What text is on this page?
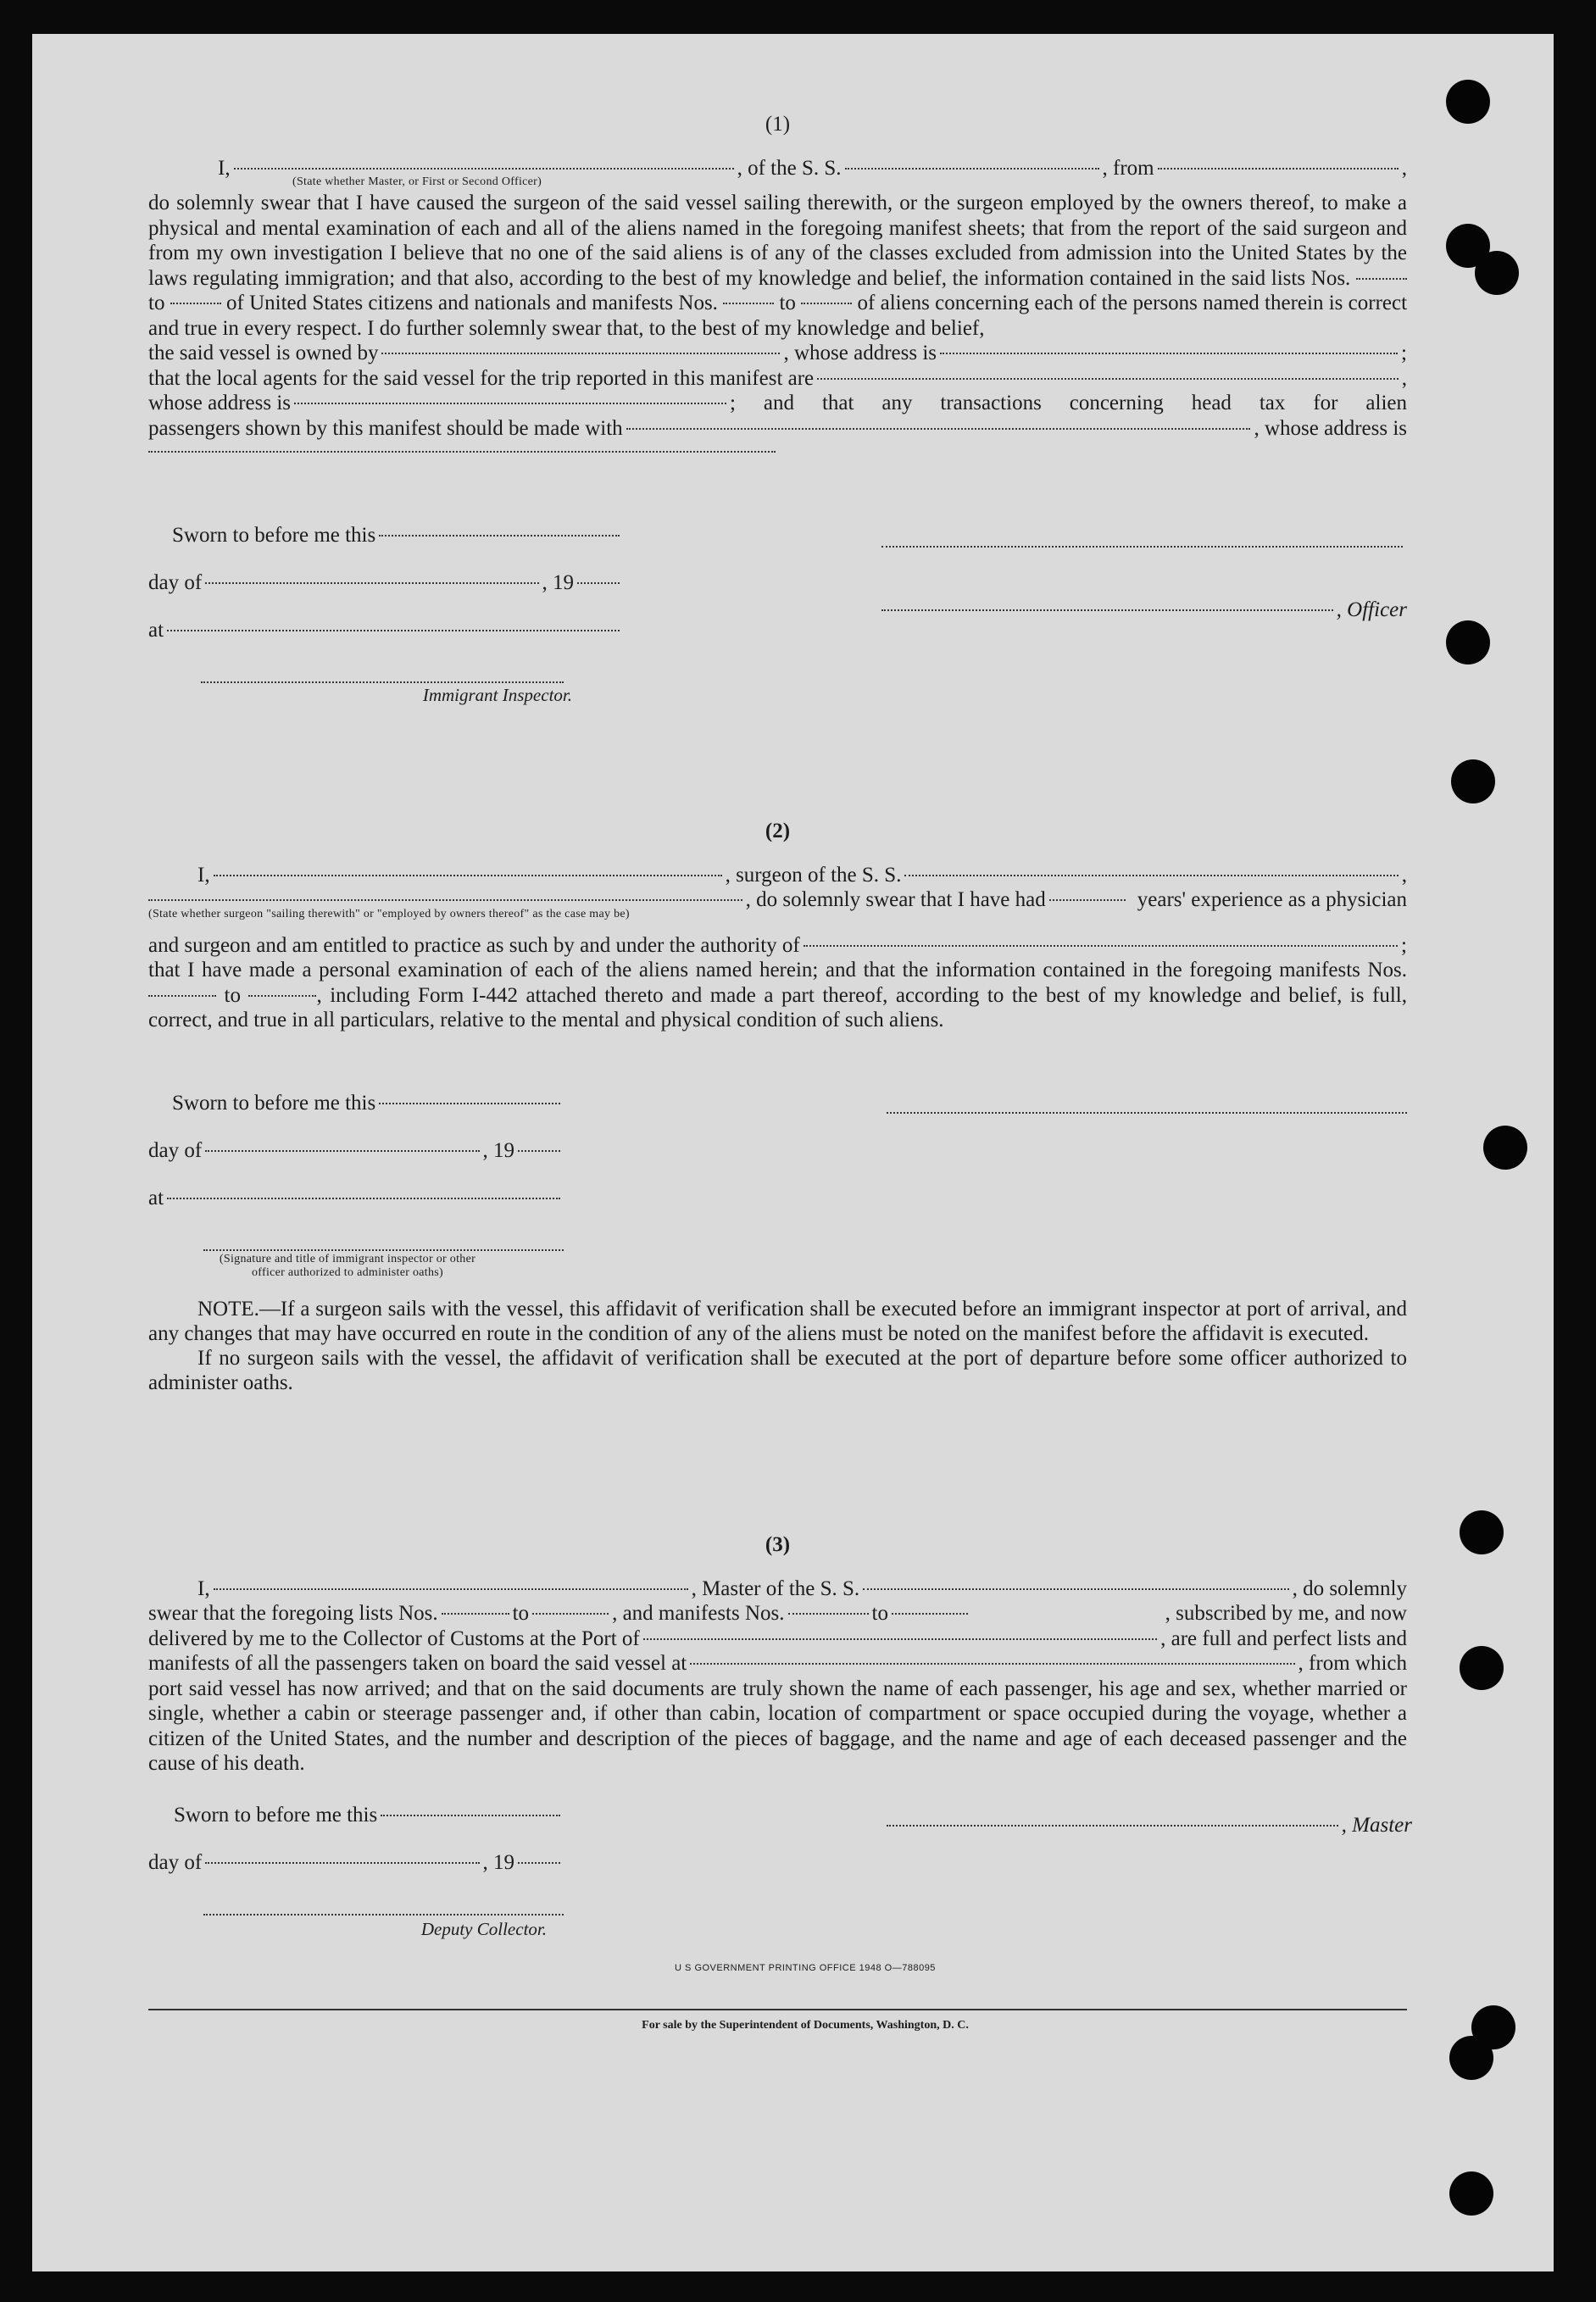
(1)
I,	, of the S. S.	, from	,
(State whether Master, or First or Second Officer)
do solemnly swear that I have caused the surgeon of the said vessel sailing therewith, or the surgeon employed by the owners thereof, to make a physical and mental examination of each and all of the aliens named in the foregoing manifest sheets; that from the report of the said surgeon and from my own investigation I believe that no one of the said aliens is of any of the classes excluded from admission into the United States by the laws regulating immigration; and that also, according to the best of my knowledge and belief, the information contained in the said lists Nos.  to	of United States citizens and nationals and manifests Nos.	to	of aliens concerning each of the persons named therein is correct and true in every respect. I do further solemnly swear that, to the best of my knowledge and belief,
the said vessel is owned by	, whose address is	;
that the local agents for the said vessel for the trip reported in this manifest are	,
whose address is	; and that any transactions concerning head tax for alien
passengers shown by this manifest should be made with	, whose address is
Sworn to before me this
day of	, 19
at
Immigrant Inspector.
, Officer
(2)
I,	, surgeon of the S. S.	,
, do solemnly swear that I have had	years' experience as a physician
(State whether surgeon "sailing therewith" or "employed by owners thereof" as the case may be)
and surgeon and am entitled to practice as such by and under the authority of	;
that I have made a personal examination of each of the aliens named herein; and that the information contained in the foregoing manifests Nos.  to	, including Form I-442 attached thereto and made a part thereof, according to the best of my knowledge and belief, is full, correct, and true in all particulars, relative to the mental and physical condition of such aliens.
Sworn to before me this
day of	, 19
at
(Signature and title of immigrant inspector or other officer authorized to administer oaths)

NOTE.—If a surgeon sails with the vessel, this affidavit of verification shall be executed before an immigrant inspector at port of arrival, and any changes that may have occurred en route in the condition of any of the aliens must be noted on the manifest before the affidavit is executed.

If no surgeon sails with the vessel, the affidavit of verification shall be executed at the port of departure before some officer authorized to administer oaths.

(3)
I,	, Master of the S. S.	, do solemnly
swear that the foregoing lists Nos.	to	, and manifests Nos.	to	, subscribed by me, and now
delivered by me to the Collector of Customs at the Port of	, are full and perfect lists and
manifests of all the passengers taken on board the said vessel at	, from which
port said vessel has now arrived; and that on the said documents are truly shown the name of each passenger, his age and sex, whether married or single, whether a cabin or steerage passenger and, if other than cabin, location of compartment or space occupied during the voyage, whether a citizen of the United States, and the number and description of the pieces of baggage, and the name and age of each deceased passenger and the cause of his death.
Sworn to before me this
day of	, 19
Deputy Collector.
, Master
U S GOVERNMENT PRINTING OFFICE 1948 O—788095
For sale by the Superintendent of Documents, Washington, D. C.
